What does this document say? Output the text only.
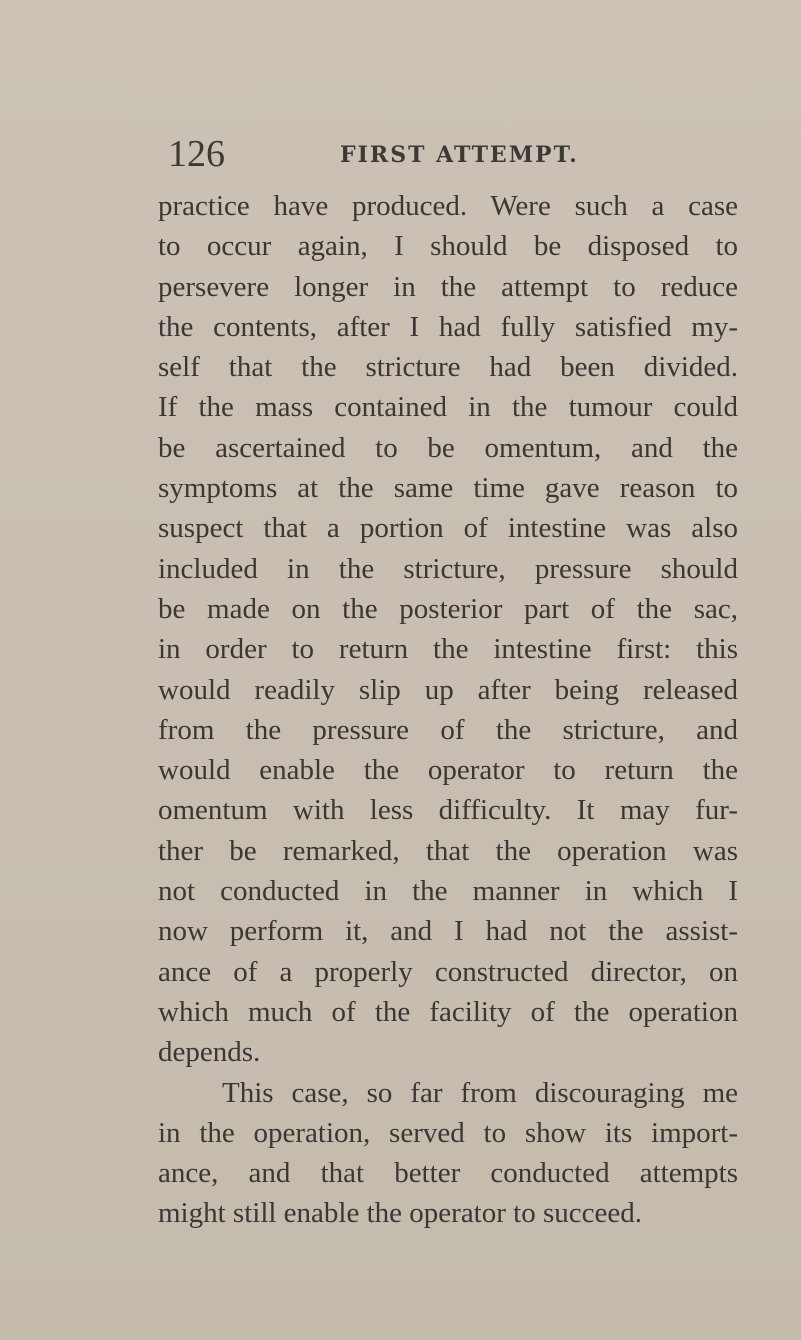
126	FIRST ATTEMPT.
practice have produced. Were such a case
to occur again, I should be disposed to
persevere longer in the attempt to reduce
the contents, after I had fully satisfied my-
self that the stricture had been divided.
If the mass contained in the tumour could
be ascertained to be omentum, and the
symptoms at the same time gave reason to
suspect that a portion of intestine was also
included in the stricture, pressure should
be made on the posterior part of the sac,
in order to return the intestine first: this
would readily slip up after being released
from the pressure of the stricture, and
would enable the operator to return the
omentum with less difficulty. It may fur-
ther be remarked, that the operation was
not conducted in the manner in which I
now perform it, and I had not the assist-
ance of a properly constructed director, on
which much of the facility of the operation
depends.
This case, so far from discouraging me
in the operation, served to show its import-
ance, and that better conducted attempts
might still enable the operator to succeed.
